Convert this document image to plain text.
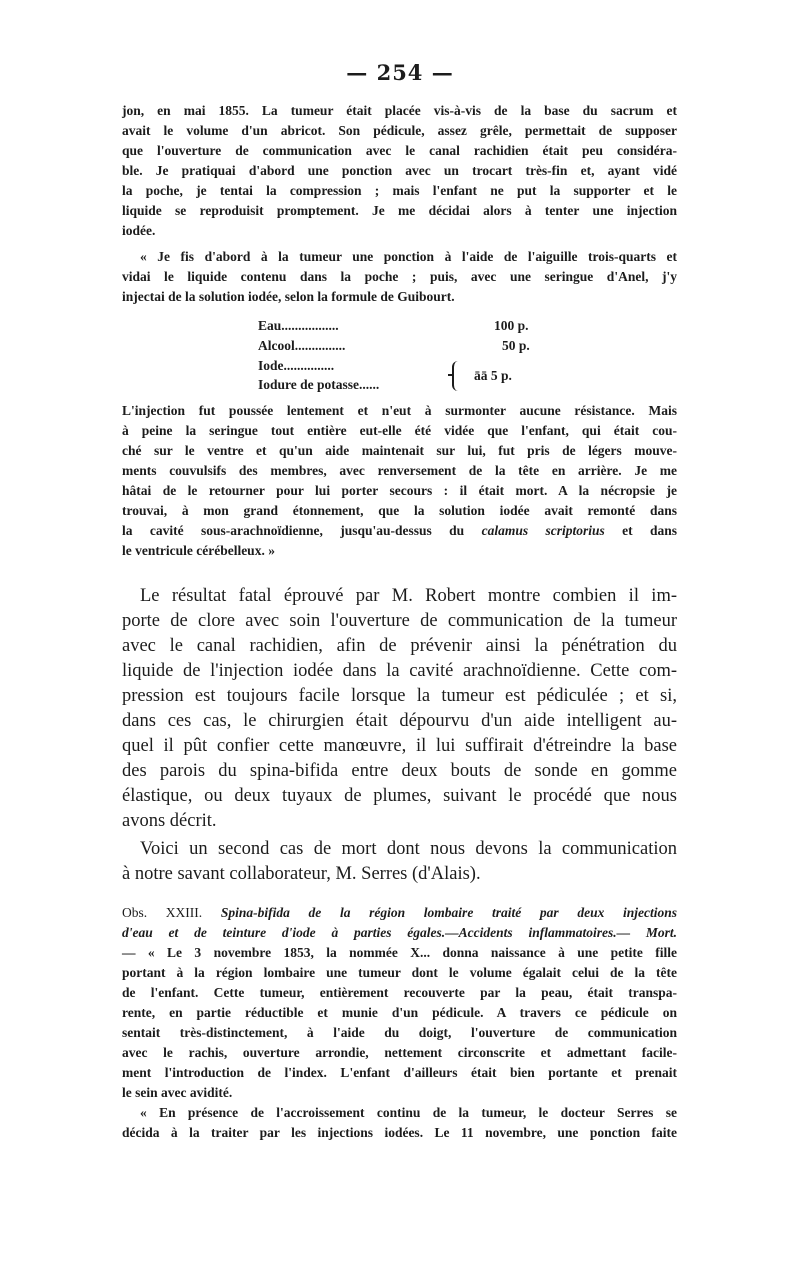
— 254 —
jon, en mai 1855. La tumeur était placée vis-à-vis de la base du sacrum et
avait le volume d'un abricot. Son pédicule, assez grêle, permettait de supposer
que l'ouverture de communication avec le canal rachidien était peu considéra-
ble. Je pratiquai d'abord une ponction avec un trocart très-fin et, ayant vidé
la poche, je tentai la compression ; mais l'enfant ne put la supporter et le
liquide se reproduisit promptement. Je me décidai alors à tenter une injection
iodée.
« Je fis d'abord à la tumeur une ponction à l'aide de l'aiguille trois-quarts et
vidai le liquide contenu dans la poche ; puis, avec une seringue d'Anel, j'y
injectai de la solution iodée, selon la formule de Guibourt.
Eau.................	100 p.
Alcool...............	50 p.
Iode...............
Iodure de potasse......
āā 5 p.
L'injection fut poussée lentement et n'eut à surmonter aucune résistance. Mais
à peine la seringue tout entière eut-elle été vidée que l'enfant, qui était cou-
ché sur le ventre et qu'un aide maintenait sur lui, fut pris de légers mouve-
ments couvulsifs des membres, avec renversement de la tête en arrière. Je me
hâtai de le retourner pour lui porter secours : il était mort. A la nécropsie je
trouvai, à mon grand étonnement, que la solution iodée avait remonté dans
la cavité sous-arachnoïdienne, jusqu'au-dessus du calamus scriptorius et dans
le ventricule cérébelleux. »
Le résultat fatal éprouvé par M. Robert montre combien il im-
porte de clore avec soin l'ouverture de communication de la tumeur
avec le canal rachidien, afin de prévenir ainsi la pénétration du
liquide de l'injection iodée dans la cavité arachnoïdienne. Cette com-
pression est toujours facile lorsque la tumeur est pédiculée ; et si,
dans ces cas, le chirurgien était dépourvu d'un aide intelligent au-
quel il pût confier cette manœuvre, il lui suffirait d'étreindre la base
des parois du spina-bifida entre deux bouts de sonde en gomme
élastique, ou deux tuyaux de plumes, suivant le procédé que nous
avons décrit.
Voici un second cas de mort dont nous devons la communication
à notre savant collaborateur, M. Serres (d'Alais).
Obs. XXIII. Spina-bifida de la région lombaire traité par deux injections
d'eau et de teinture d'iode à parties égales.—Accidents inflammatoires.— Mort.
— « Le 3 novembre 1853, la nommée X... donna naissance à une petite fille
portant à la région lombaire une tumeur dont le volume égalait celui de la tête
de l'enfant. Cette tumeur, entièrement recouverte par la peau, était transpa-
rente, en partie réductible et munie d'un pédicule. A travers ce pédicule on
sentait très-distinctement, à l'aide du doigt, l'ouverture de communication
avec le rachis, ouverture arrondie, nettement circonscrite et admettant facile-
ment l'introduction de l'index. L'enfant d'ailleurs était bien portante et prenait
le sein avec avidité.
« En présence de l'accroissement continu de la tumeur, le docteur Serres se
décida à la traiter par les injections iodées. Le 11 novembre, une ponction faite
